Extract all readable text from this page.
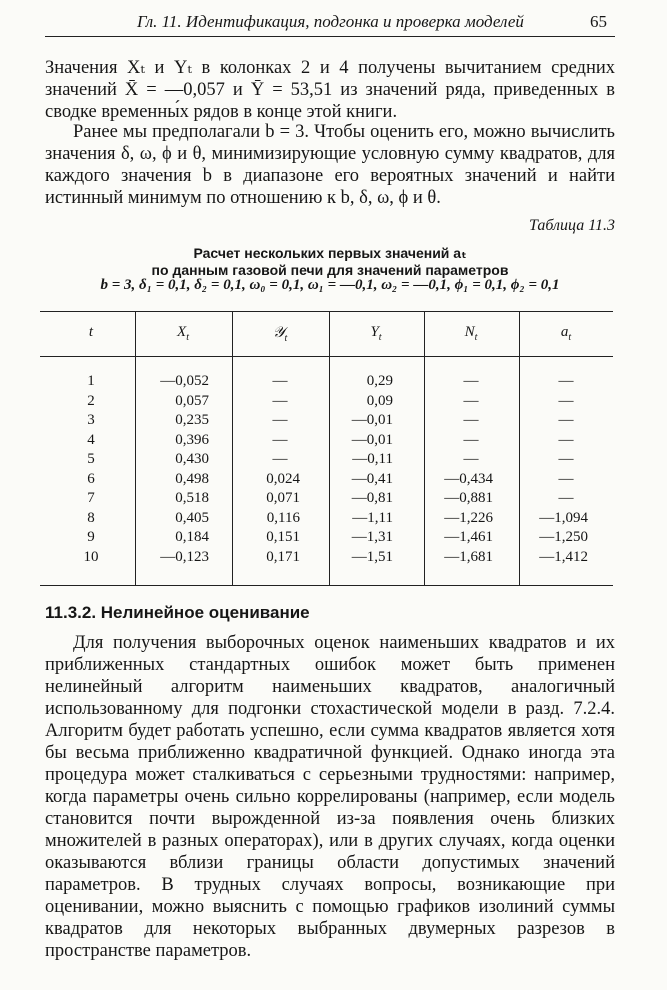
Гл. 11. Идентификация, подгонка и проверка моделей	65

Значения Xₜ и Yₜ в колонках 2 и 4 получены вычитанием средних значений X̄ = —0,057 и Ȳ = 53,51 из значений ряда, приведенных в сводке временны́х рядов в конце этой книги.

Ранее мы предполагали b = 3. Чтобы оценить его, можно вычислить значения δ, ω, ϕ и θ, минимизирующие условную сумму квадратов, для каждого значения b в диапазоне его вероятных значений и найти истинный минимум по отношению к b, δ, ω, ϕ и θ.

Таблица 11.3
Расчет нескольких первых значений aₜ
по данным газовой печи для значений параметров
b = 3, δ₁ = 0,1, δ₂ = 0,1, ω₀ = 0,1, ω₁ = —0,1, ω₂ = —0,1, ϕ₁ = 0,1, ϕ₂ = 0,1
t	$X_t$	𝒴$_t$	$Y_t$	$N_t$	$a_t$
1	—0,052	—	0,29	—	—
2	0,057	—	0,09	—	—
3	0,235	—	—0,01	—	—
4	0,396	—	—0,01	—	—
5	0,430	—	—0,11	—	—
6	0,498	0,024	—0,41	—0,434	—
7	0,518	0,071	—0,81	—0,881	—
8	0,405	0,116	—1,11	—1,226	—1,094
9	0,184	0,151	—1,31	—1,461	—1,250
10	—0,123	0,171	—1,51	—1,681	—1,412
11.3.2. Нелинейное оценивание

Для получения выборочных оценок наименьших квадратов и их приближенных стандартных ошибок может быть применен нелинейный алгоритм наименьших квадратов, аналогичный использованному для подгонки стохастической модели в разд. 7.2.4. Алгоритм будет работать успешно, если сумма квадратов является хотя бы весьма приближенно квадратичной функцией. Однако иногда эта процедура может сталкиваться с серьезными трудностями: например, когда параметры очень сильно коррелированы (например, если модель становится почти вырожденной из-за появления очень близких множителей в разных операторах), или в других случаях, когда оценки оказываются вблизи границы области допустимых значений параметров. В трудных случаях вопросы, возникающие при оценивании, можно выяснить с помощью графиков изолиний суммы квадратов для некоторых выбранных двумерных разрезов в пространстве параметров.
